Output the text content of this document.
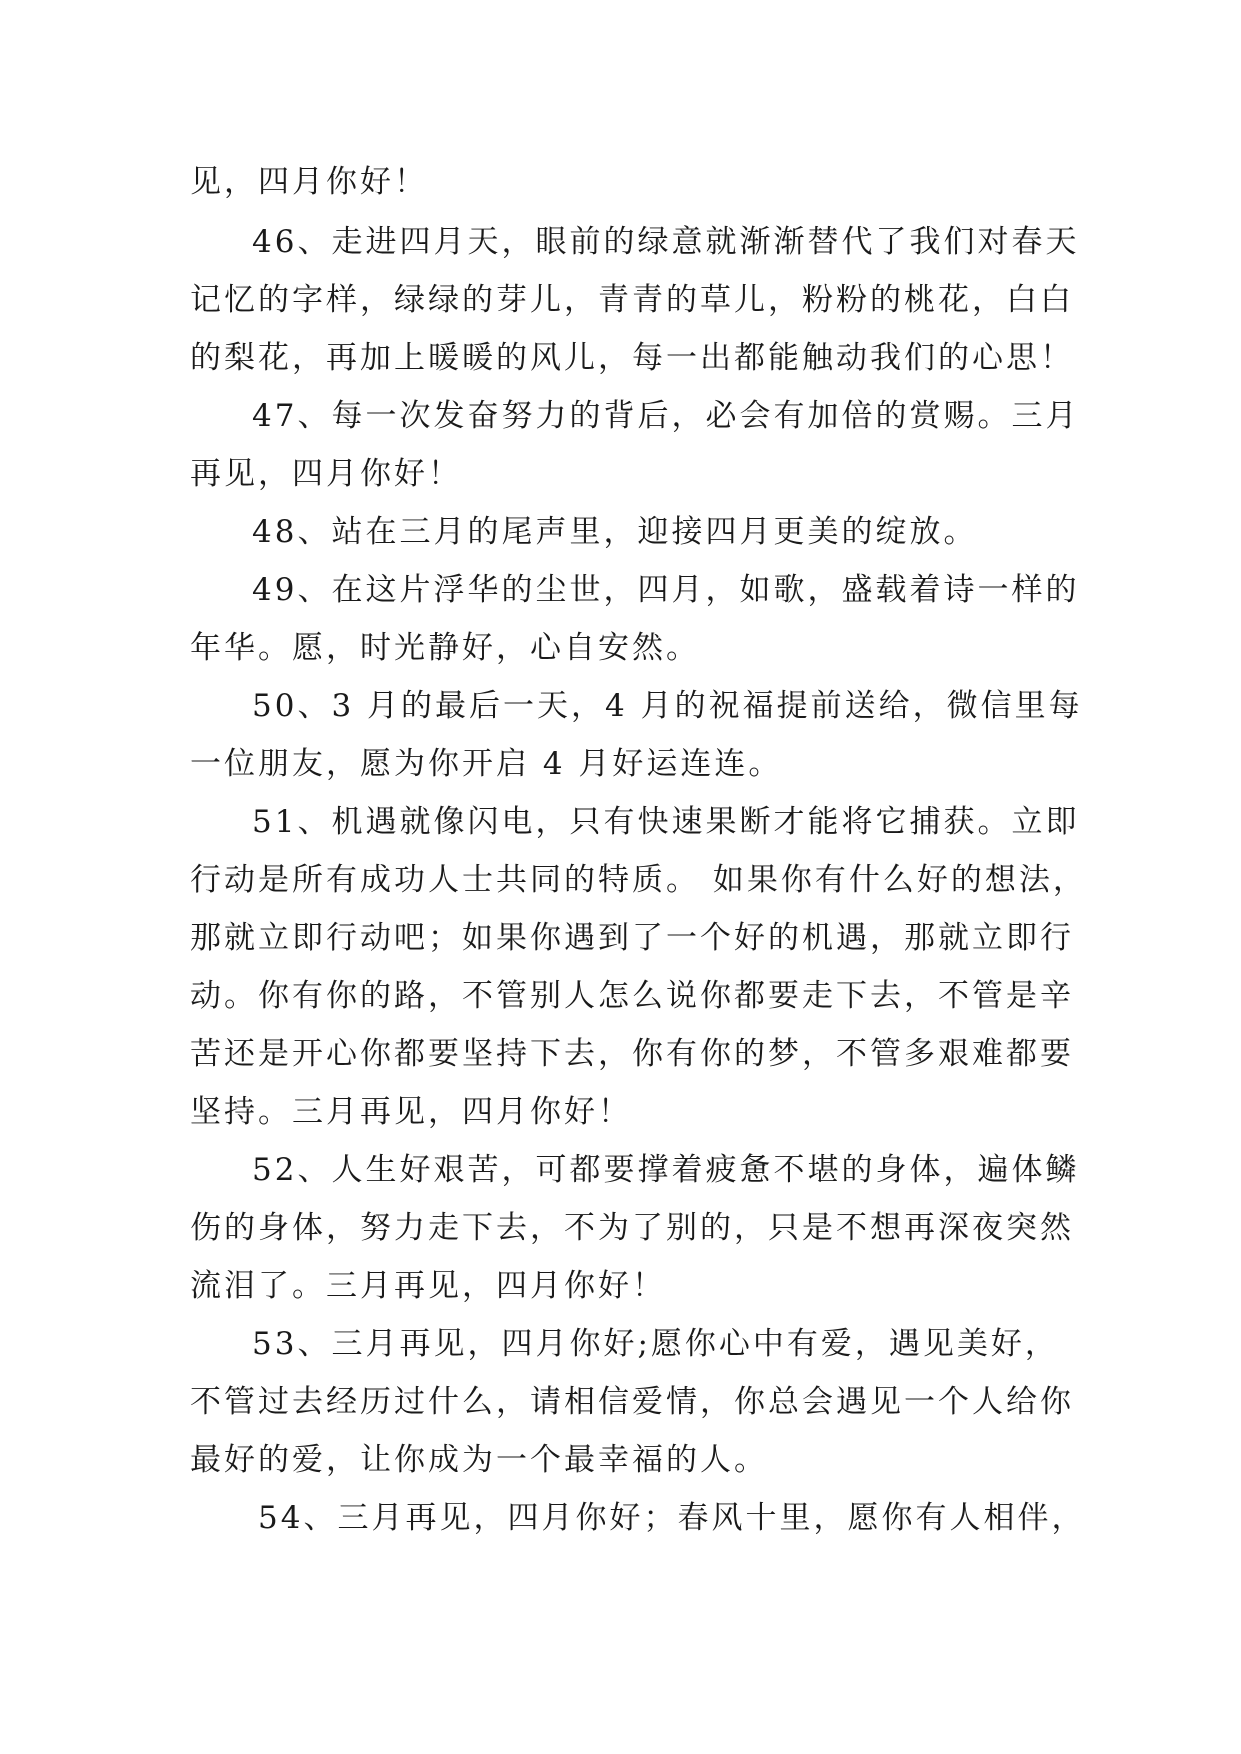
见，四月你好！
46、走进四月天，眼前的绿意就渐渐替代了我们对春天
记忆的字样，绿绿的芽儿，青青的草儿，粉粉的桃花，白白
的梨花，再加上暖暖的风儿，每一出都能触动我们的心思！
47、每一次发奋努力的背后，必会有加倍的赏赐。三月
再见，四月你好！
48、站在三月的尾声里，迎接四月更美的绽放。
49、在这片浮华的尘世，四月，如歌，盛载着诗一样的
年华。愿，时光静好，心自安然。
50、3 月的最后一天，4 月的祝福提前送给，微信里每
一位朋友，愿为你开启 4 月好运连连。
51、机遇就像闪电，只有快速果断才能将它捕获。立即
行动是所有成功人士共同的特质。 如果你有什么好的想法，
那就立即行动吧；如果你遇到了一个好的机遇，那就立即行
动。你有你的路，不管别人怎么说你都要走下去，不管是辛
苦还是开心你都要坚持下去，你有你的梦，不管多艰难都要
坚持。三月再见，四月你好！
52、人生好艰苦，可都要撑着疲惫不堪的身体，遍体鳞
伤的身体，努力走下去，不为了别的，只是不想再深夜突然
流泪了。三月再见，四月你好！
53、三月再见，四月你好;愿你心中有爱，遇见美好，
不管过去经历过什么，请相信爱情，你总会遇见一个人给你
最好的爱，让你成为一个最幸福的人。
54、三月再见，四月你好；春风十里，愿你有人相伴，
